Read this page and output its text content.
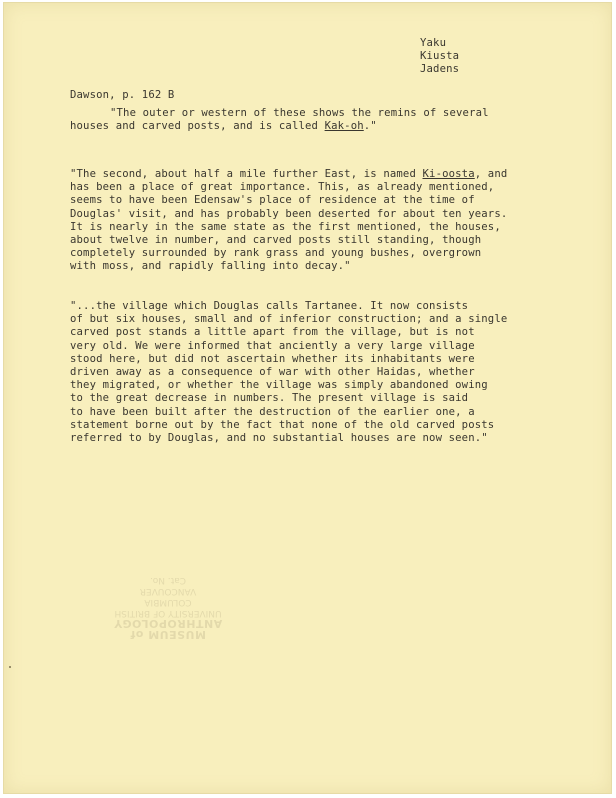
Yaku
Kiusta
Jadens
Dawson, p. 162 B
"The outer or western of these shows the remins of several
houses and carved posts, and is called Kak-oh."
"The second, about half a mile further East, is named Ki-oosta, and
has been a place of great importance. This, as already mentioned,
seems to have been Edensaw's place of residence at the time of
Douglas' visit, and has probably been deserted for about ten years.
It is nearly in the same state as the first mentioned, the houses,
about twelve in number, and carved posts still standing, though
completely surrounded by rank grass and young bushes, overgrown
with moss, and rapidly falling into decay."
"...the village which Douglas calls Tartanee. It now consists
of but six houses, small and of inferior construction; and a single
carved post stands a little apart from the village, but is not
very old. We were informed that anciently a very large village
stood here, but did not ascertain whether its inhabitants were
driven away as a consequence of war with other Haidas, whether
they migrated, or whether the village was simply abandoned owing
to the great decrease in numbers. The present village is said
to have been built after the destruction of the earlier one, a
statement borne out by the fact that none of the old carved posts
referred to by Douglas, and no substantial houses are now seen."
MUSEUM of ANTHROPOLOGY
UNIVERSITY OF BRITISH
COLUMBIA
VANCOUVER
Cat. No.
